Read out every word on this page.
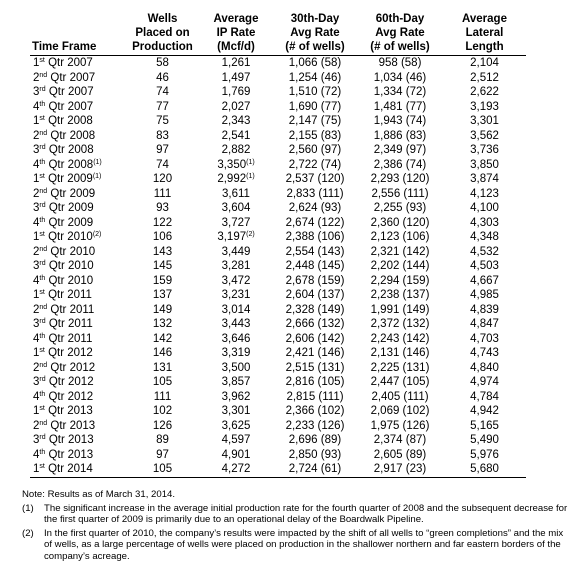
	Wells	Average	30th-Day	60th-Day	Average
	Placed on	IP Rate	Avg Rate	Avg Rate	Lateral
Time Frame	Production	(Mcf/d)	(# of wells)	(# of wells)	Length
1st Qtr 2007	58	1,261	1,066 (58)	958 (58)	2,104
2nd Qtr 2007	46	1,497	1,254 (46)	1,034 (46)	2,512
3rd Qtr 2007	74	1,769	1,510 (72)	1,334 (72)	2,622
4th Qtr 2007	77	2,027	1,690 (77)	1,481 (77)	3,193
1st Qtr 2008	75	2,343	2,147 (75)	1,943 (74)	3,301
2nd Qtr 2008	83	2,541	2,155 (83)	1,886 (83)	3,562
3rd Qtr 2008	97	2,882	2,560 (97)	2,349 (97)	3,736
4th Qtr 2008$^{(1)}$	74	3,350$^{(1)}$	2,722 (74)	2,386 (74)	3,850
1st Qtr 2009$^{(1)}$	120	2,992$^{(1)}$	2,537 (120)	2,293 (120)	3,874
2nd Qtr 2009	111	3,611	2,833 (111)	2,556 (111)	4,123
3rd Qtr 2009	93	3,604	2,624 (93)	2,255 (93)	4,100
4th Qtr 2009	122	3,727	2,674 (122)	2,360 (120)	4,303
1st Qtr 2010$^{(2)}$	106	3,197$^{(2)}$	2,388 (106)	2,123 (106)	4,348
2nd Qtr 2010	143	3,449	2,554 (143)	2,321 (142)	4,532
3rd Qtr 2010	145	3,281	2,448 (145)	2,202 (144)	4,503
4th Qtr 2010	159	3,472	2,678 (159)	2,294 (159)	4,667
1st Qtr 2011	137	3,231	2,604 (137)	2,238 (137)	4,985
2nd Qtr 2011	149	3,014	2,328 (149)	1,991 (149)	4,839
3rd Qtr 2011	132	3,443	2,666 (132)	2,372 (132)	4,847
4th Qtr 2011	142	3,646	2,606 (142)	2,243 (142)	4,703
1st Qtr 2012	146	3,319	2,421 (146)	2,131 (146)	4,743
2nd Qtr 2012	131	3,500	2,515 (131)	2,225 (131)	4,840
3rd Qtr 2012	105	3,857	2,816 (105)	2,447 (105)	4,974
4th Qtr 2012	111	3,962	2,815 (111)	2,405 (111)	4,784
1st Qtr 2013	102	3,301	2,366 (102)	2,069 (102)	4,942
2nd Qtr 2013	126	3,625	2,233 (126)	1,975 (126)	5,165
3rd Qtr 2013	89	4,597	2,696 (89)	2,374 (87)	5,490
4th Qtr 2013	97	4,901	2,850 (93)	2,605 (89)	5,976
1st Qtr 2014	105	4,272	2,724 (61)	2,917 (23)	5,680
Note: Results as of March 31, 2014.
(1)	The significant increase in the average initial production rate for the fourth quarter of 2008 and the subsequent decrease for the first quarter of 2009 is primarily due to an operational delay of the Boardwalk Pipeline.
(2)	In the first quarter of 2010, the company’s results were impacted by the shift of all wells to “green completions” and the mix of wells, as a large percentage of wells were placed on production in the shallower northern and far eastern borders of the company’s acreage.
